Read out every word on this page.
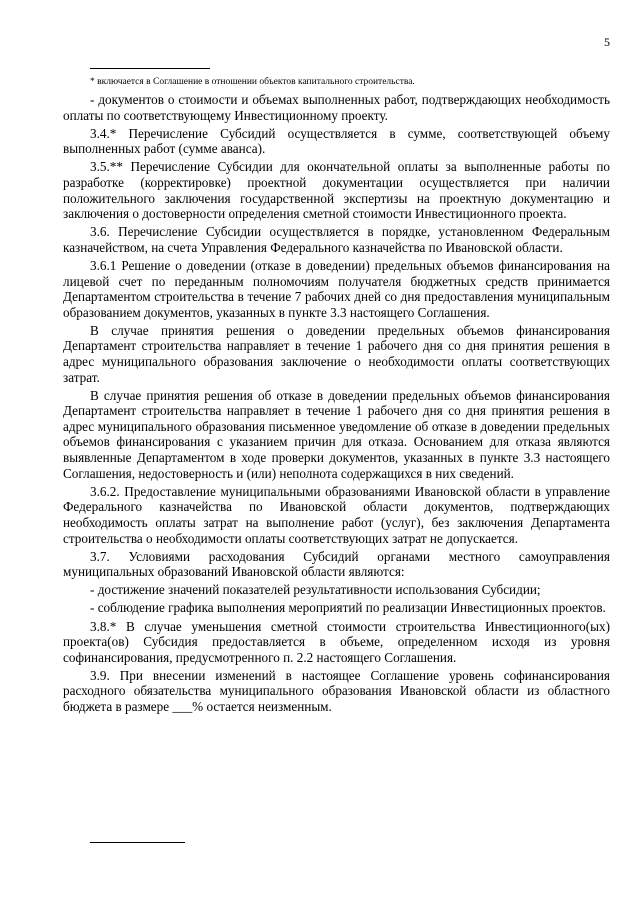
5
* включается в Соглашение в отношении объектов капитального строительства.

- документов о стоимости и объемах выполненных работ, подтверждающих необходимость оплаты по соответствующему Инвестиционному проекту.

3.4.* Перечисление Субсидий осуществляется в сумме, соответствующей объему выполненных работ (сумме аванса).

3.5.** Перечисление Субсидии для окончательной оплаты за выполненные работы по разработке (корректировке) проектной документации осуществляется при наличии положительного заключения государственной экспертизы на проектную документацию и заключения о достоверности определения сметной стоимости Инвестиционного проекта.

3.6. Перечисление Субсидии осуществляется в порядке, установленном Федеральным казначейством, на счета Управления Федерального казначейства по Ивановской области.

3.6.1 Решение о доведении (отказе в доведении) предельных объемов финансирования на лицевой счет по переданным полномочиям получателя бюджетных средств принимается Департаментом строительства в течение 7 рабочих дней со дня предоставления муниципальным образованием документов, указанных в пункте 3.3 настоящего Соглашения.

В случае принятия решения о доведении предельных объемов финансирования Департамент строительства направляет в течение 1 рабочего дня со дня принятия решения в адрес муниципального образования заключение о необходимости оплаты соответствующих затрат.

В случае принятия решения об отказе в доведении предельных объемов финансирования Департамент строительства направляет в течение 1 рабочего дня со дня принятия решения в адрес муниципального образования письменное уведомление об отказе в доведении предельных объемов финансирования с указанием причин для отказа. Основанием для отказа являются выявленные Департаментом в ходе проверки документов, указанных в пункте 3.3 настоящего Соглашения, недостоверность и (или) неполнота содержащихся в них сведений.

3.6.2. Предоставление муниципальными образованиями Ивановской области в управление Федерального казначейства по Ивановской области документов, подтверждающих необходимость оплаты затрат на выполнение работ (услуг), без заключения Департамента строительства о необходимости оплаты соответствующих затрат не допускается.

3.7. Условиями расходования Субсидий органами местного самоуправления муниципальных образований Ивановской области являются:

- достижение значений показателей результативности использования Субсидии;

- соблюдение графика выполнения мероприятий по реализации Инвестиционных проектов.

3.8.* В случае уменьшения сметной стоимости строительства Инвестиционного(ых) проекта(ов) Субсидия предоставляется в объеме, определенном исходя из уровня софинансирования, предусмотренного п. 2.2 настоящего Соглашения.

3.9. При внесении изменений в настоящее Соглашение уровень софинансирования расходного обязательства муниципального образования Ивановской области из областного бюджета в размере ___% остается неизменным.
